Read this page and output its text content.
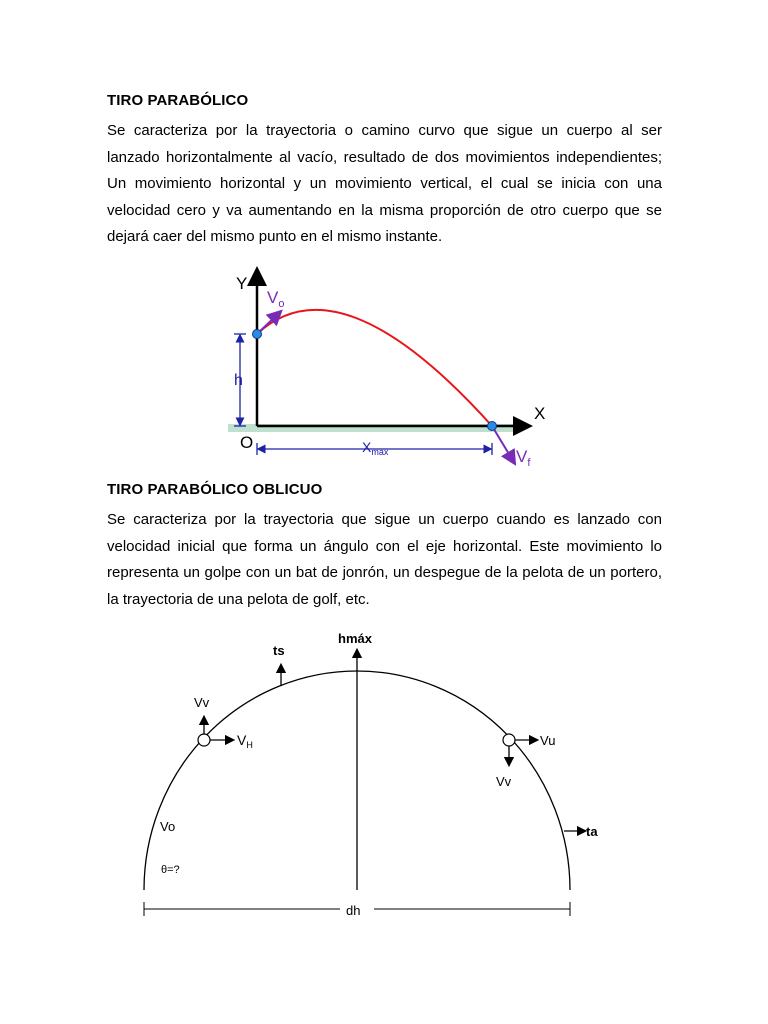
TIRO PARABÓLICO

Se caracteriza por la trayectoria o camino curvo que sigue un cuerpo al ser lanzado horizontalmente al vacío, resultado de dos movimientos independientes; Un movimiento horizontal y un movimiento vertical, el cual se inicia con una velocidad cero y va aumentando en la misma proporción de otro cuerpo que se dejará caer del mismo punto en el mismo instante.

Y
X
O
h
$V_o$
$V_f$
$X_{máx}$
TIRO PARABÓLICO OBLICUO

Se caracteriza por la trayectoria que sigue un cuerpo cuando es lanzado con velocidad inicial que forma un ángulo con el eje horizontal. Este movimiento lo representa un golpe con un bat de jonrón, un despegue de la pelota de un portero, la trayectoria de una pelota de golf, etc.

hmáx
ts
Vv
$V_H$	Vu
Vv
Vo
θ=?
ta
dh
